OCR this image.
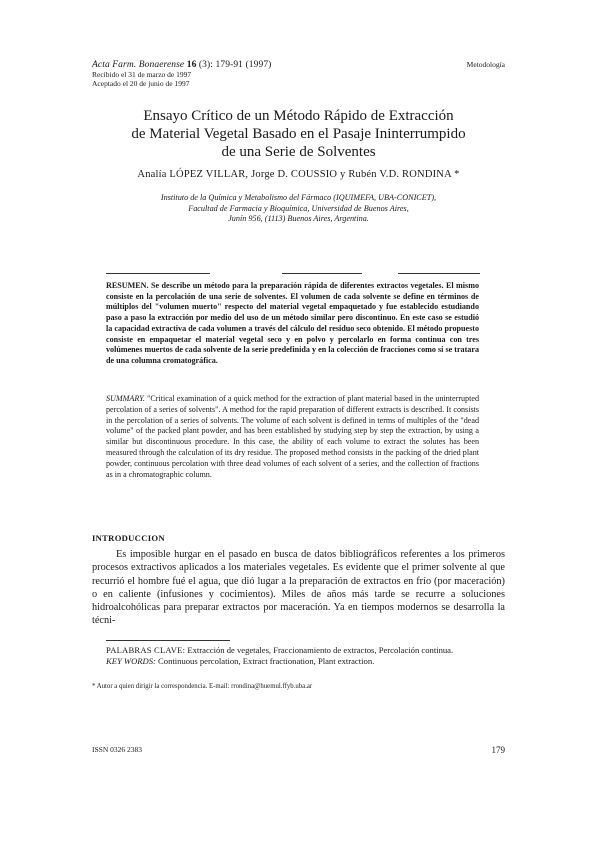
Acta Farm. Bonaerense 16 (3): 179-91 (1997)	Metodología
Recibido el 31 de marzo de 1997
Aceptado el 20 de junio de 1997
Ensayo Crítico de un Método Rápido de Extracción
de Material Vegetal Basado en el Pasaje Ininterrumpido
de una Serie de Solventes
Analía LÓPEZ VILLAR, Jorge D. COUSSIO y Rubén V.D. RONDINA *
Instituto de la Química y Metabolismo del Fármaco (IQUIMEFA, UBA-CONICET),
Facultad de Farmacia y Bioquímica, Universidad de Buenos Aires,
Junín 956, (1113) Buenos Aires, Argentina.
RESUMEN. Se describe un método para la preparación rápida de diferentes extractos vegetales. El mismo consiste en la percolación de una serie de solventes. El volumen de cada solvente se define en términos de múltiplos del "volumen muerto" respecto del material vegetal empaquetado y fue establecido estudiando paso a paso la extracción por medio del uso de un método similar pero discontinuo. En este caso se estudió la capacidad extractiva de cada volumen a través del cálculo del residuo seco obtenido. El método propuesto consiste en empaquetar el material vegetal seco y en polvo y percolarlo en forma continua con tres volúmenes muertos de cada solvente de la serie predefinida y en la colección de fracciones como si se tratara de una columna cromatográfica.
SUMMARY. "Critical examination of a quick method for the extraction of plant material based in the uninterrupted percolation of a series of solvents". A method for the rapid preparation of different extracts is described. It consists in the percolation of a series of solvents. The volume of each solvent is defined in terms of multiples of the "dead volume" of the packed plant powder, and has been established by studying step by step the extraction, by using a similar but discontinuous procedure. In this case, the ability of each volume to extract the solutes has been measured through the calculation of its dry residue. The proposed method consists in the packing of the dried plant powder, continuous percolation with three dead volumes of each solvent of a series, and the collection of fractions as in a chromatographic column.
INTRODUCCION
Es imposible hurgar en el pasado en busca de datos bibliográficos referentes a los primeros procesos extractivos aplicados a los materiales vegetales. Es evidente que el primer solvente al que recurrió el hombre fué el agua, que dió lugar a la preparación de extractos en frío (por maceración) o en caliente (infusiones y cocimientos). Miles de años más tarde se recurre a soluciones hidroalcohólicas para preparar extractos por maceración. Ya en tiempos modernos se desarrolla la técni-
PALABRAS CLAVE: Extracción de vegetales, Fraccionamiento de extractos, Percolación continua.
KEY WORDS: Continuous percolation, Extract fractionation, Plant extraction.
* Autor a quien dirigir la correspondencia. E-mail: rrondina@huemul.ffyb.uba.ar
ISSN 0326 2383	179
